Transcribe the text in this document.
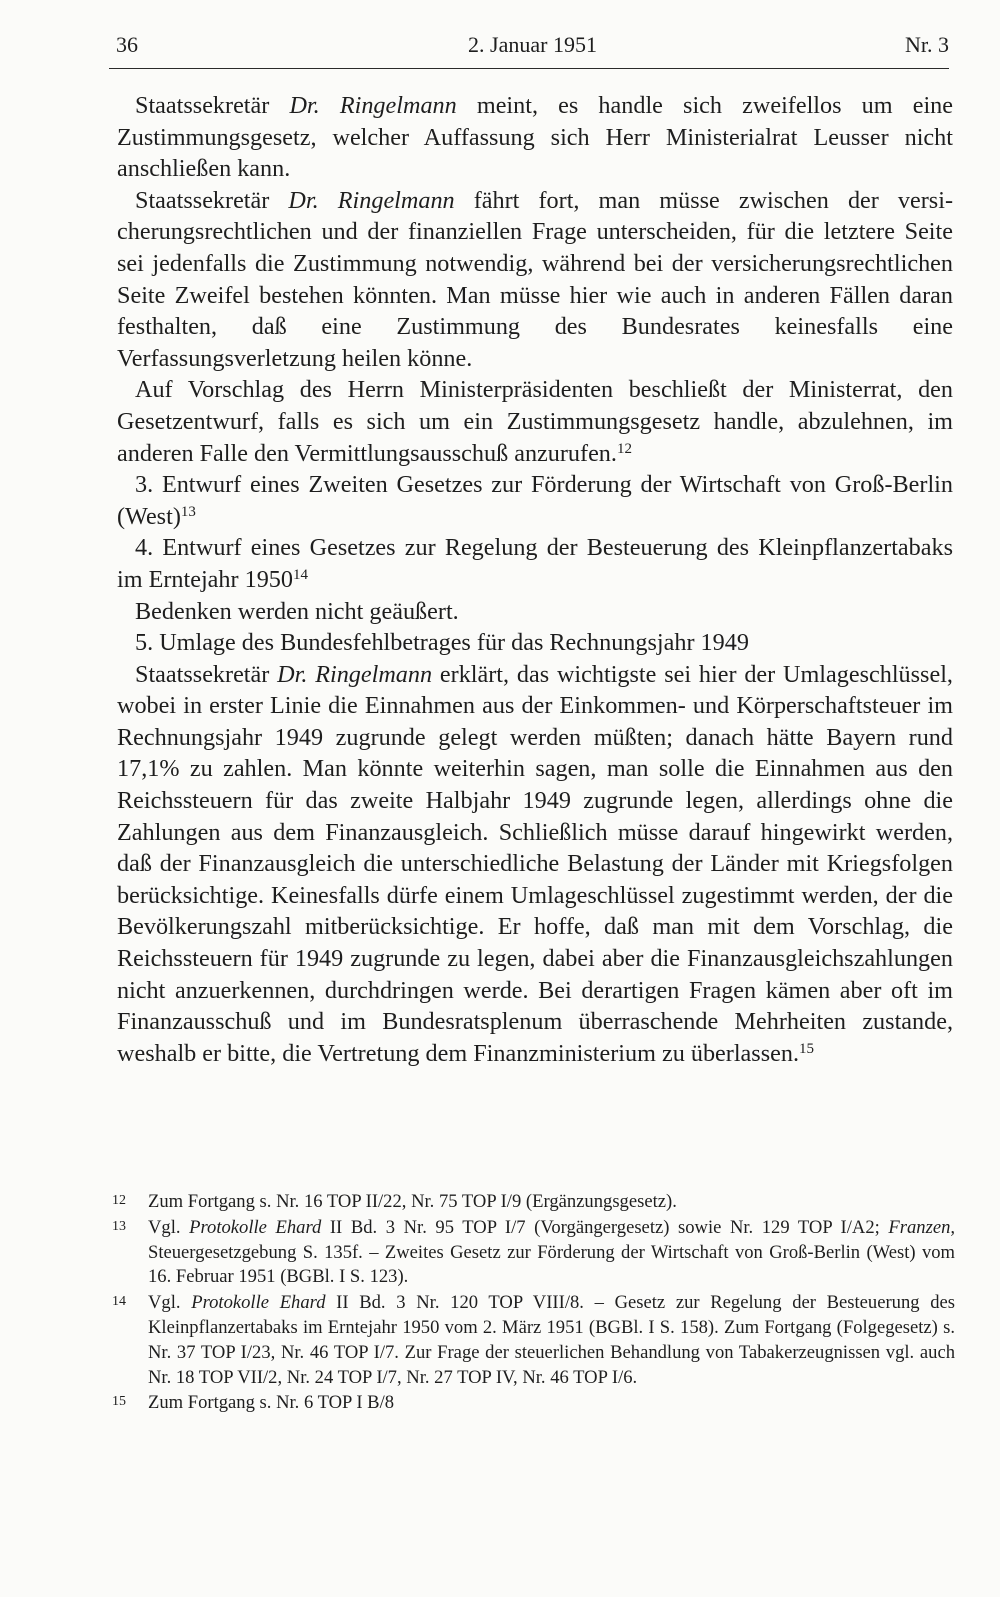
36	2. Januar 1951	Nr. 3

Staatssekretär Dr. Ringelmann meint, es handle sich zweifellos um eine Zustimmungsgesetz, welcher Auffassung sich Herr Ministerialrat Leusser nicht anschließen kann.

Staatssekretär Dr. Ringelmann fährt fort, man müsse zwischen der versicherungsrechtlichen und der finanziellen Frage unterscheiden, für die letztere Seite sei jedenfalls die Zustimmung notwendig, während bei der versicherungsrechtlichen Seite Zweifel bestehen könnten. Man müsse hier wie auch in anderen Fällen daran festhalten, daß eine Zustimmung des Bundesrates keinesfalls eine Verfassungsverletzung heilen könne.

Auf Vorschlag des Herrn Ministerpräsidenten beschließt der Ministerrat, den Gesetzentwurf, falls es sich um ein Zustimmungsgesetz handle, abzulehnen, im anderen Falle den Vermittlungsausschuß anzurufen.$^{12}$

3. Entwurf eines Zweiten Gesetzes zur Förderung der Wirtschaft von Groß-Berlin (West)$^{13}$

4. Entwurf eines Gesetzes zur Regelung der Besteuerung des Kleinpflanzertabaks im Erntejahr 1950$^{14}$

Bedenken werden nicht geäußert.

5. Umlage des Bundesfehlbetrages für das Rechnungsjahr 1949

Staatssekretär Dr. Ringelmann erklärt, das wichtigste sei hier der Umlageschlüssel, wobei in erster Linie die Einnahmen aus der Einkommen- und Körperschaftsteuer im Rechnungsjahr 1949 zugrunde gelegt werden müßten; danach hätte Bayern rund 17,1% zu zahlen. Man könnte weiterhin sagen, man solle die Einnahmen aus den Reichssteuern für das zweite Halbjahr 1949 zugrunde legen, allerdings ohne die Zahlungen aus dem Finanzausgleich. Schließlich müsse darauf hingewirkt werden, daß der Finanzausgleich die unterschiedliche Belastung der Länder mit Kriegsfolgen berücksichtige. Keinesfalls dürfe einem Umlageschlüssel zugestimmt werden, der die Bevölkerungszahl mitberücksichtige. Er hoffe, daß man mit dem Vorschlag, die Reichssteuern für 1949 zugrunde zu legen, dabei aber die Finanzausgleichszahlungen nicht anzuerkennen, durchdringen werde. Bei derartigen Fragen kämen aber oft im Finanzausschuß und im Bundesratsplenum überraschende Mehrheiten zustande, weshalb er bitte, die Vertretung dem Finanzministerium zu überlassen.$^{15}$

12 Zum Fortgang s. Nr. 16 TOP II/22, Nr. 75 TOP I/9 (Ergänzungsgesetz).
13 Vgl. Protokolle Ehard II Bd. 3 Nr. 95 TOP I/7 (Vorgängergesetz) sowie Nr. 129 TOP I/A2; Franzen, Steuergesetzgebung S. 135f. – Zweites Gesetz zur Förderung der Wirtschaft von Groß-Berlin (West) vom 16. Februar 1951 (BGBl. I S. 123).
14 Vgl. Protokolle Ehard II Bd. 3 Nr. 120 TOP VIII/8. – Gesetz zur Regelung der Besteuerung des Kleinpflanzertabaks im Erntejahr 1950 vom 2. März 1951 (BGBl. I S. 158). Zum Fortgang (Folgegesetz) s. Nr. 37 TOP I/23, Nr. 46 TOP I/7. Zur Frage der steuerlichen Behandlung von Tabakerzeugnissen vgl. auch Nr. 18 TOP VII/2, Nr. 24 TOP I/7, Nr. 27 TOP IV, Nr. 46 TOP I/6.
15 Zum Fortgang s. Nr. 6 TOP I B/8
